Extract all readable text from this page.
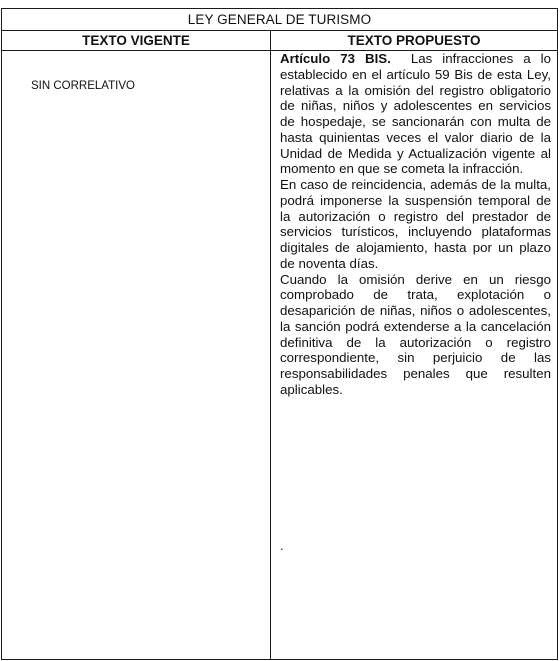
LEY GENERAL DE TURISMO
TEXTO VIGENTE	TEXTO PROPUESTO
SIN CORRELATIVO

Artículo 73 BIS. Las infracciones a lo establecido en el artículo 59 Bis de esta Ley, relativas a la omisión del registro obligatorio de niñas, niños y adolescentes en servicios de hospedaje, se sancionarán con multa de hasta quinientas veces el valor diario de la Unidad de Medida y Actualización vigente al momento en que se cometa la infracción.

En caso de reincidencia, además de la multa, podrá imponerse la suspensión temporal de la autorización o registro del prestador de servicios turísticos, incluyendo plataformas digitales de alojamiento, hasta por un plazo de noventa días.

Cuando la omisión derive en un riesgo comprobado de trata, explotación o desaparición de niñas, niños o adolescentes, la sanción podrá extenderse a la cancelación definitiva de la autorización o registro correspondiente, sin perjuicio de las responsabilidades penales que resulten aplicables.

.
